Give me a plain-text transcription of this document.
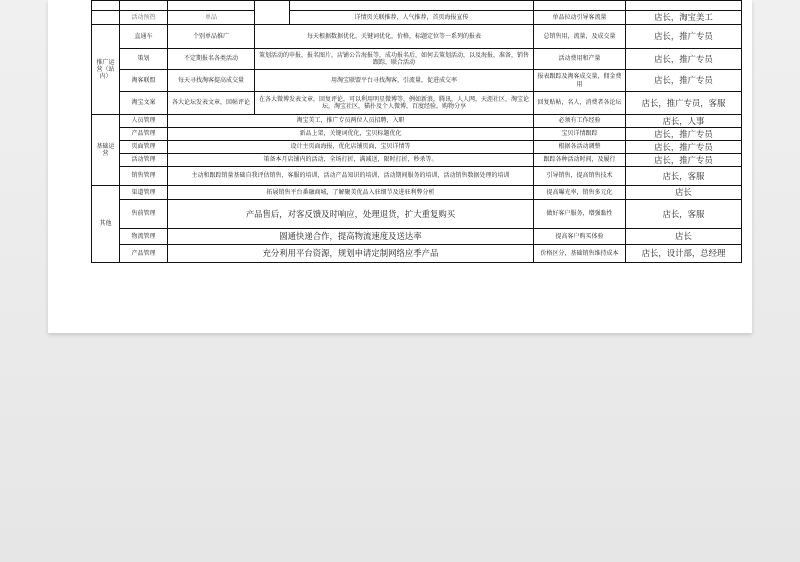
	活动预热	单品		详情页关联推荐，人气推荐，首页海报宣传	单品拉动引导客流量	店长，淘宝美工
推广运营（站内）	直通车	个别单品推广	每天根据数据优化，关键词优化，价格，标题定位等一系列的报表		总销售用，流量，及成交量	店长，推广专员
	策划	不定期报名各类活动	策划活动的申报，报名图片，店铺公告海报等，成功报名后，如何去策划活动，以及海报，准备，销售跟踪，联合活动		活动费用和产量	店长，推广专员
	淘客联盟	每天寻找淘客提高成交量	用淘宝联盟平台寻找淘客，引流量，促进成交率		报表跟踪及淘客成交量，佣金费用	店长，推广专员
	淘宝文案	各大论坛发表文章，回帖评论	在各大微博发表文章，回复评论，可以利用明星微博等，例如新浪，腾讯，人人网，天涯社区，淘宝论坛，淘宝社区，猫扑及个人微博，百度经验，购物分享		回复贴帖，名人，消费者各论坛	店长，推广专员，客服
基础运营	人员管理	淘宝美工，推广专员两位人员招聘，入职			必须有工作经验	店长，人事
	产品管理	新品上架，关键词优化，宝贝标题优化			宝贝详情跟踪	店长，推广专员
	页面管理	设计主页面海报，优化店铺页面，宝贝详情等			根据各活动调整	店长，推广专员
	活动管理	策备本月店铺内的活动，全场打折，满减送，限时打折，秒杀等。			跟踪各种活动时间，及履行	店长，推广专员
	销售管理	主动和跟踪销量基础自我评估销售，客服的培训，活动产品知识的培训，活动期间服务的培训，活动销售数据处理的培训			引导销售，提高销售技术	店长，客服
其他	渠道管理	拓展销售平台番融商城，了解聚美优品入驻细节及进驻利弊分析			提高曝光率，销售多元化	店长
	售前管理	产品售后，对客反馈及时响应，处理退货，扩大重复购买			做好客户服务，增强黏性	店长，客服
	物流管理	圆通快递合作，提高物流速度及送达率			提高客户购买体验	店长
	产品管理	充分利用平台资源，规划申请定制网络应季产品			价格区分，基础销售维持成本	店长，设计部，总经理
